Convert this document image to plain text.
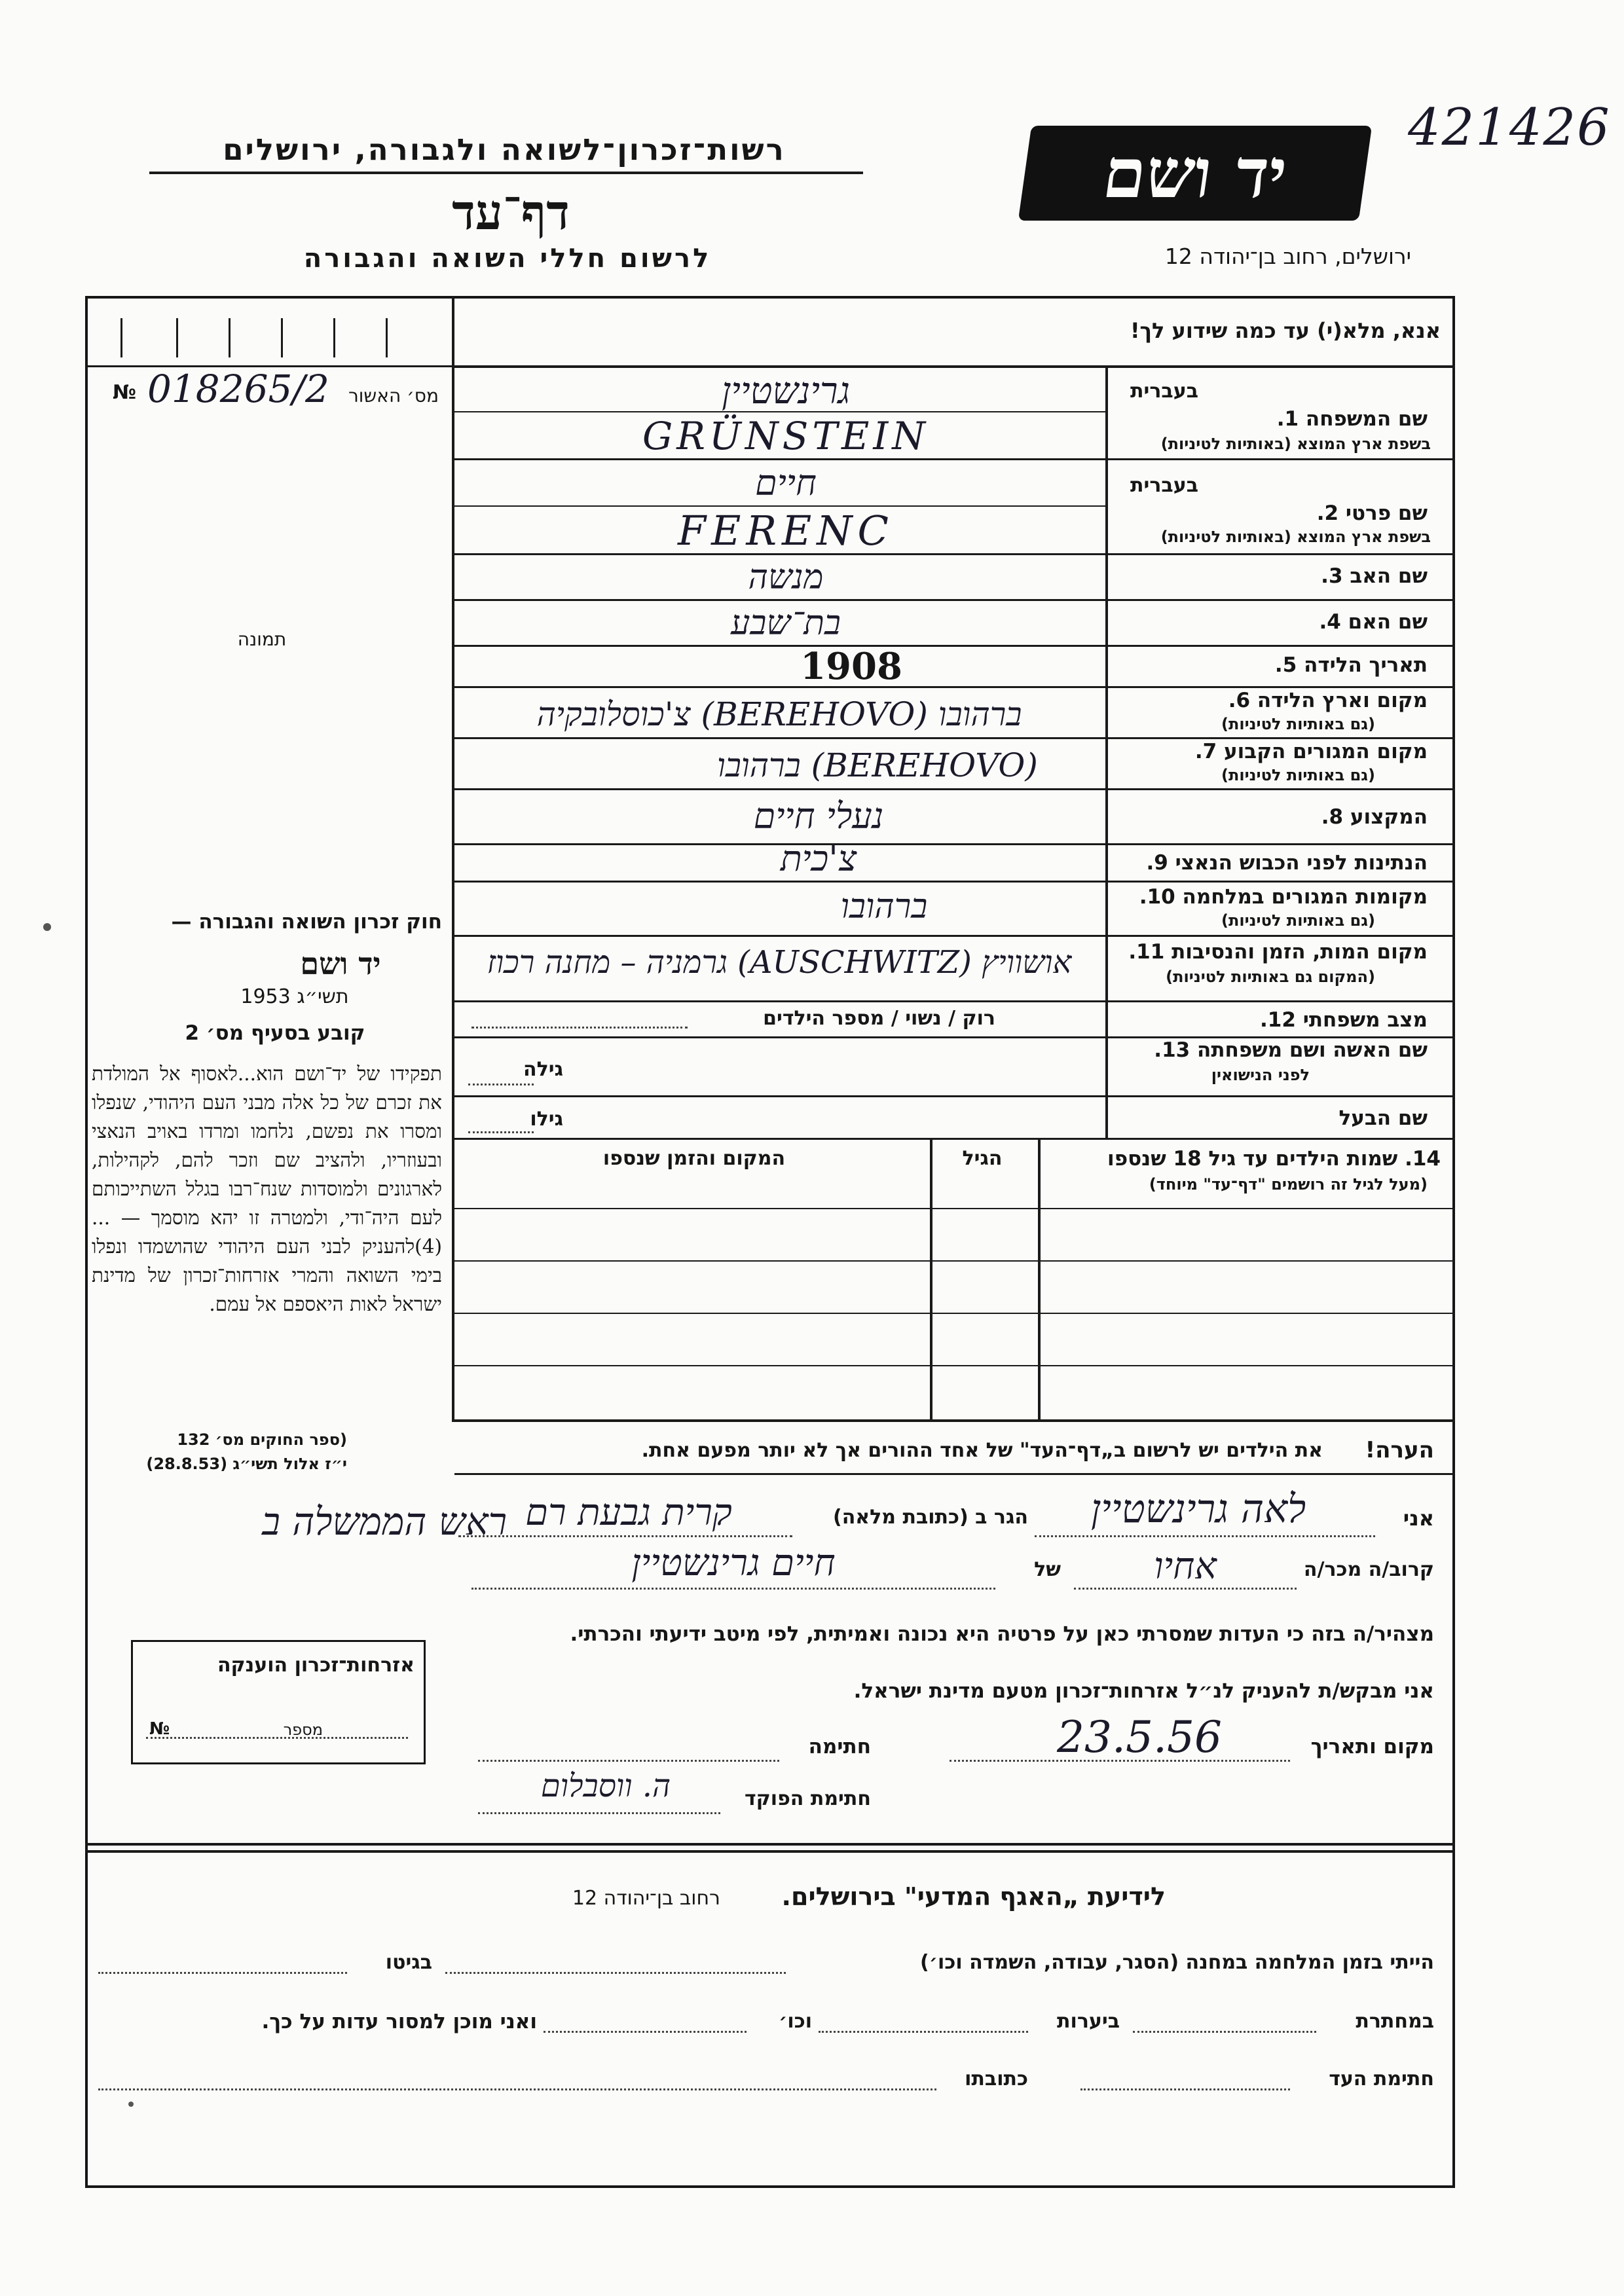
421426
יד ושם
ירושלים, רחוב בן־יהודה 12
רשות־זכרון־לשואה ולגבורה, ירושלים
דף־עד
לרשום חללי השואה והגבורה
אנא, מלא(י) עד כמה שידוע לך!
№ 018265/2	מס׳ האשור
תמונה
חוק זכרון השואה והגבורה —
יד ושם
תשי״ג 1953
קובע בסעיף מס׳ 2
תפקידו של יד־ושם הוא...לאסוף אל המולדת את זכרם של כל אלה מבני העם היהודי, שנפלו ומסרו את נפשם, נלחמו ומרדו באויב הנאצי ובעוזריו, ולהציב שם וזכר להם, לקהילות, לארגונים ולמוסדות שנח־רבו בגלל השתייכותם לעם היה־ודי, ולמטרה זו יהא מוסמך — ...(4)להעניק לבני העם היהודי שהושמדו ונפלו בימי השואה והמרי אזרחות־זכרון של מדינת ישראל לאות היאספם אל עמם.
(ספר החוקים מס׳ 132
י״ז אלול תשי״ג (28.8.53)
ראש הממשלה ב
אזרחות־זכרון הוענקה
№	מספר
בעברית
שם המשפחה 1.
בשפת ארץ המוצא (באותיות לטיניות)
גרינשטיין
GRÜNSTEIN
בעברית
שם פרטי 2.
בשפת ארץ המוצא (באותיות לטיניות)
חיים
FERENC
שם האב 3.
מנשה
שם האם 4.
בת־שבע
תאריך הלידה 5.
1908
מקום וארץ הלידה 6.
(גם באותיות לטיניות)
ברהובו (BEREHOVO) צ'כוסלובקיה
מקום המגורים הקבוע 7.
(גם באותיות לטיניות)
(BEREHOVO) ברהובו
המקצוע 8.
נעלי חיים
הנתינות לפני הכבוש הנאצי 9.
צ'כית
מקומות המגורים במלחמה 10.
(גם באותיות לטיניות)
ברהובו
מקום המות, הזמן והנסיבות 11.
(המקום גם באותיות לטיניות)
אושוויץ (AUSCHWITZ) גרמניה – מחנה רכוז
מצב משפחתי 12.
רוק / נשוי / מספר הילדים
שם האשה ושם משפחתה 13.
לפני הנישואין
גילה
שם הבעל
גילו
14. שמות הילדים עד גיל 18 שנספו
(מעל לגיל זה רושמים "דף־עד" מיוחד)
הגיל
המקום והזמן שנספו
הערה!
את הילדים יש לרשום ב„דף־העד" של אחד ההורים אך לא יותר מפעם אחת.
אני
לאה גרינשטיין
הגר ב (כתובת מלאה)
קרית גבעת רם
קרוב/ה מכר/ה
אחיו
של
חיים גרינשטיין
מצהיר/ה בזה כי העדות שמסרתי כאן על פרטיה היא נכונה ואמיתית, לפי מיטב ידיעתי והכרתי.
אני מבקש/ת להעניק לנ״ל אזרחות־זכרון מטעם מדינת ישראל.
מקום ותאריך
23.5.56
חתימה
חתימת הפוקד
ה. ווסבלום
לידיעת „האגף המדעי" בירושלים.
רחוב בן־יהודה 12
הייתי בזמן המלחמה במחנה (הסגר, עבודה, השמדה וכו׳)
בגיטו
במחתרת
ביערות
וכו׳
ואני מוכן למסור עדות על כך.
חתימת העד
כתובתו
